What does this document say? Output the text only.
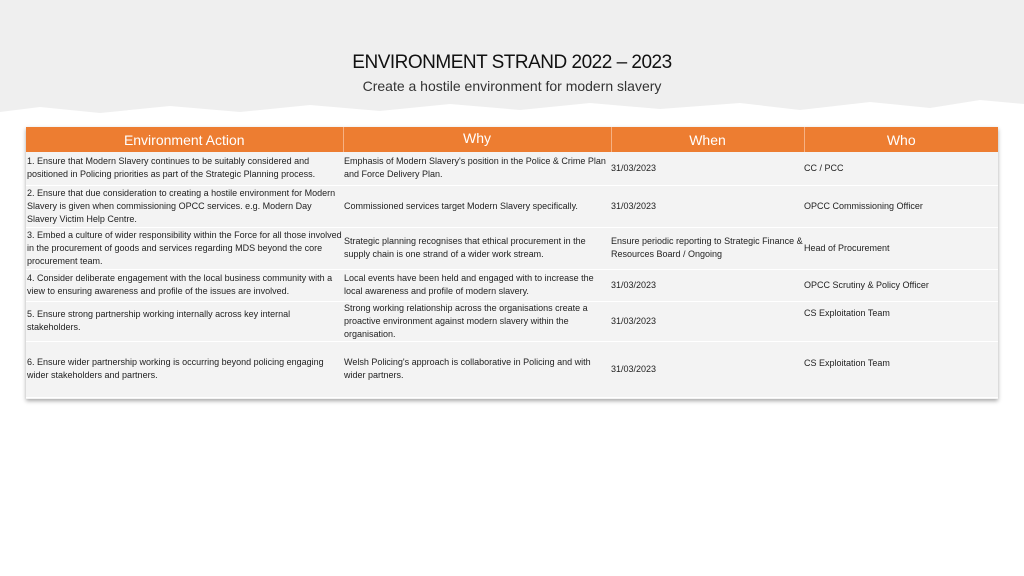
ENVIRONMENT STRAND 2022 – 2023
Create a hostile environment for modern slavery
Environment Action	Why	When	Who
1. Ensure that Modern Slavery continues to be suitably considered and positioned in Policing priorities as part of the Strategic Planning process.	Emphasis of Modern Slavery's position in the Police & Crime Plan and Force Delivery Plan.	31/03/2023	CC / PCC
2. Ensure that due consideration to creating a hostile environment for Modern Slavery is given when commissioning OPCC services. e.g. Modern Day Slavery Victim Help Centre.	Commissioned services target Modern Slavery specifically.	31/03/2023	OPCC Commissioning Officer
3. Embed a culture of wider responsibility within the Force for all those involved in the procurement of goods and services regarding MDS beyond the core procurement team.	Strategic planning recognises that ethical procurement in the supply chain is one strand of a wider work stream.	Ensure periodic reporting to Strategic Finance & Resources Board / Ongoing	Head of Procurement
4. Consider deliberate engagement with the local business community with a view to ensuring awareness and profile of the issues are involved.	Local events have been held and engaged with to increase the local awareness and profile of modern slavery.	31/03/2023	OPCC Scrutiny & Policy Officer
5. Ensure strong partnership working internally across key internal stakeholders.	Strong working relationship across the organisations create a proactive environment against modern slavery within the organisation.	31/03/2023	CS Exploitation Team
6. Ensure wider partnership working is occurring beyond policing engaging wider stakeholders and partners.	Welsh Policing's approach is collaborative in Policing and with wider partners.	31/03/2023	CS Exploitation Team
